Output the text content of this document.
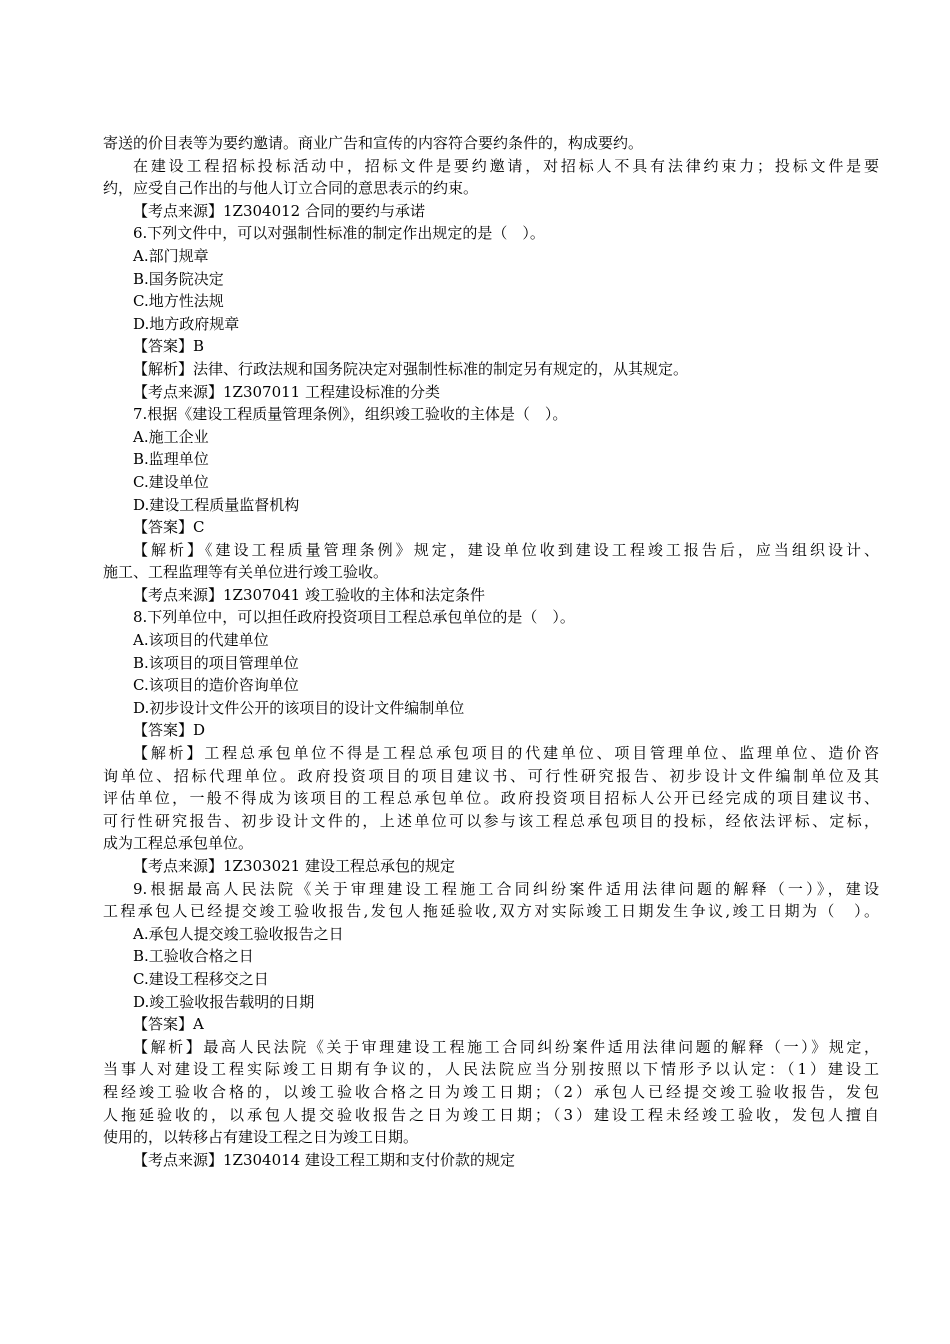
寄送的价目表等为要约邀请。商业广告和宣传的内容符合要约条件的，构成要约。
在建设工程招标投标活动中，招标文件是要约邀请，对招标人不具有法律约束力；投标文件是要
约，应受自己作出的与他人订立合同的意思表示的约束。
【考点来源】1Z304012 合同的要约与承诺
6.下列文件中，可以对强制性标准的制定作出规定的是（　）。
A.部门规章
B.国务院决定
C.地方性法规
D.地方政府规章
【答案】B
【解析】法律、行政法规和国务院决定对强制性标准的制定另有规定的，从其规定。
【考点来源】1Z307011 工程建设标准的分类
7.根据《建设工程质量管理条例》，组织竣工验收的主体是（　）。
A.施工企业
B.监理单位
C.建设单位
D.建设工程质量监督机构
【答案】C
【解析】《建设工程质量管理条例》规定，建设单位收到建设工程竣工报告后，应当组织设计、
施工、工程监理等有关单位进行竣工验收。
【考点来源】1Z307041 竣工验收的主体和法定条件
8.下列单位中，可以担任政府投资项目工程总承包单位的是（　）。
A.该项目的代建单位
B.该项目的项目管理单位
C.该项目的造价咨询单位
D.初步设计文件公开的该项目的设计文件编制单位
【答案】D
【解析】工程总承包单位不得是工程总承包项目的代建单位、项目管理单位、监理单位、造价咨
询单位、招标代理单位。政府投资项目的项目建议书、可行性研究报告、初步设计文件编制单位及其
评估单位，一般不得成为该项目的工程总承包单位。政府投资项目招标人公开已经完成的项目建议书、
可行性研究报告、初步设计文件的，上述单位可以参与该工程总承包项目的投标，经依法评标、定标，
成为工程总承包单位。
【考点来源】1Z303021 建设工程总承包的规定
9.根据最高人民法院《关于审理建设工程施工合同纠纷案件适用法律问题的解释（一）》，建设
工程承包人已经提交竣工验收报告,发包人拖延验收,双方对实际竣工日期发生争议,竣工日期为（　）。
A.承包人提交竣工验收报告之日
B.工验收合格之日
C.建设工程移交之日
D.竣工验收报告载明的日期
【答案】A
【解析】最高人民法院《关于审理建设工程施工合同纠纷案件适用法律问题的解释（一）》规定，
当事人对建设工程实际竣工日期有争议的，人民法院应当分别按照以下情形予以认定：（1）建设工
程经竣工验收合格的，以竣工验收合格之日为竣工日期；（2）承包人已经提交竣工验收报告，发包
人拖延验收的，以承包人提交验收报告之日为竣工日期；（3）建设工程未经竣工验收，发包人擅自
使用的，以转移占有建设工程之日为竣工日期。
【考点来源】1Z304014 建设工程工期和支付价款的规定
